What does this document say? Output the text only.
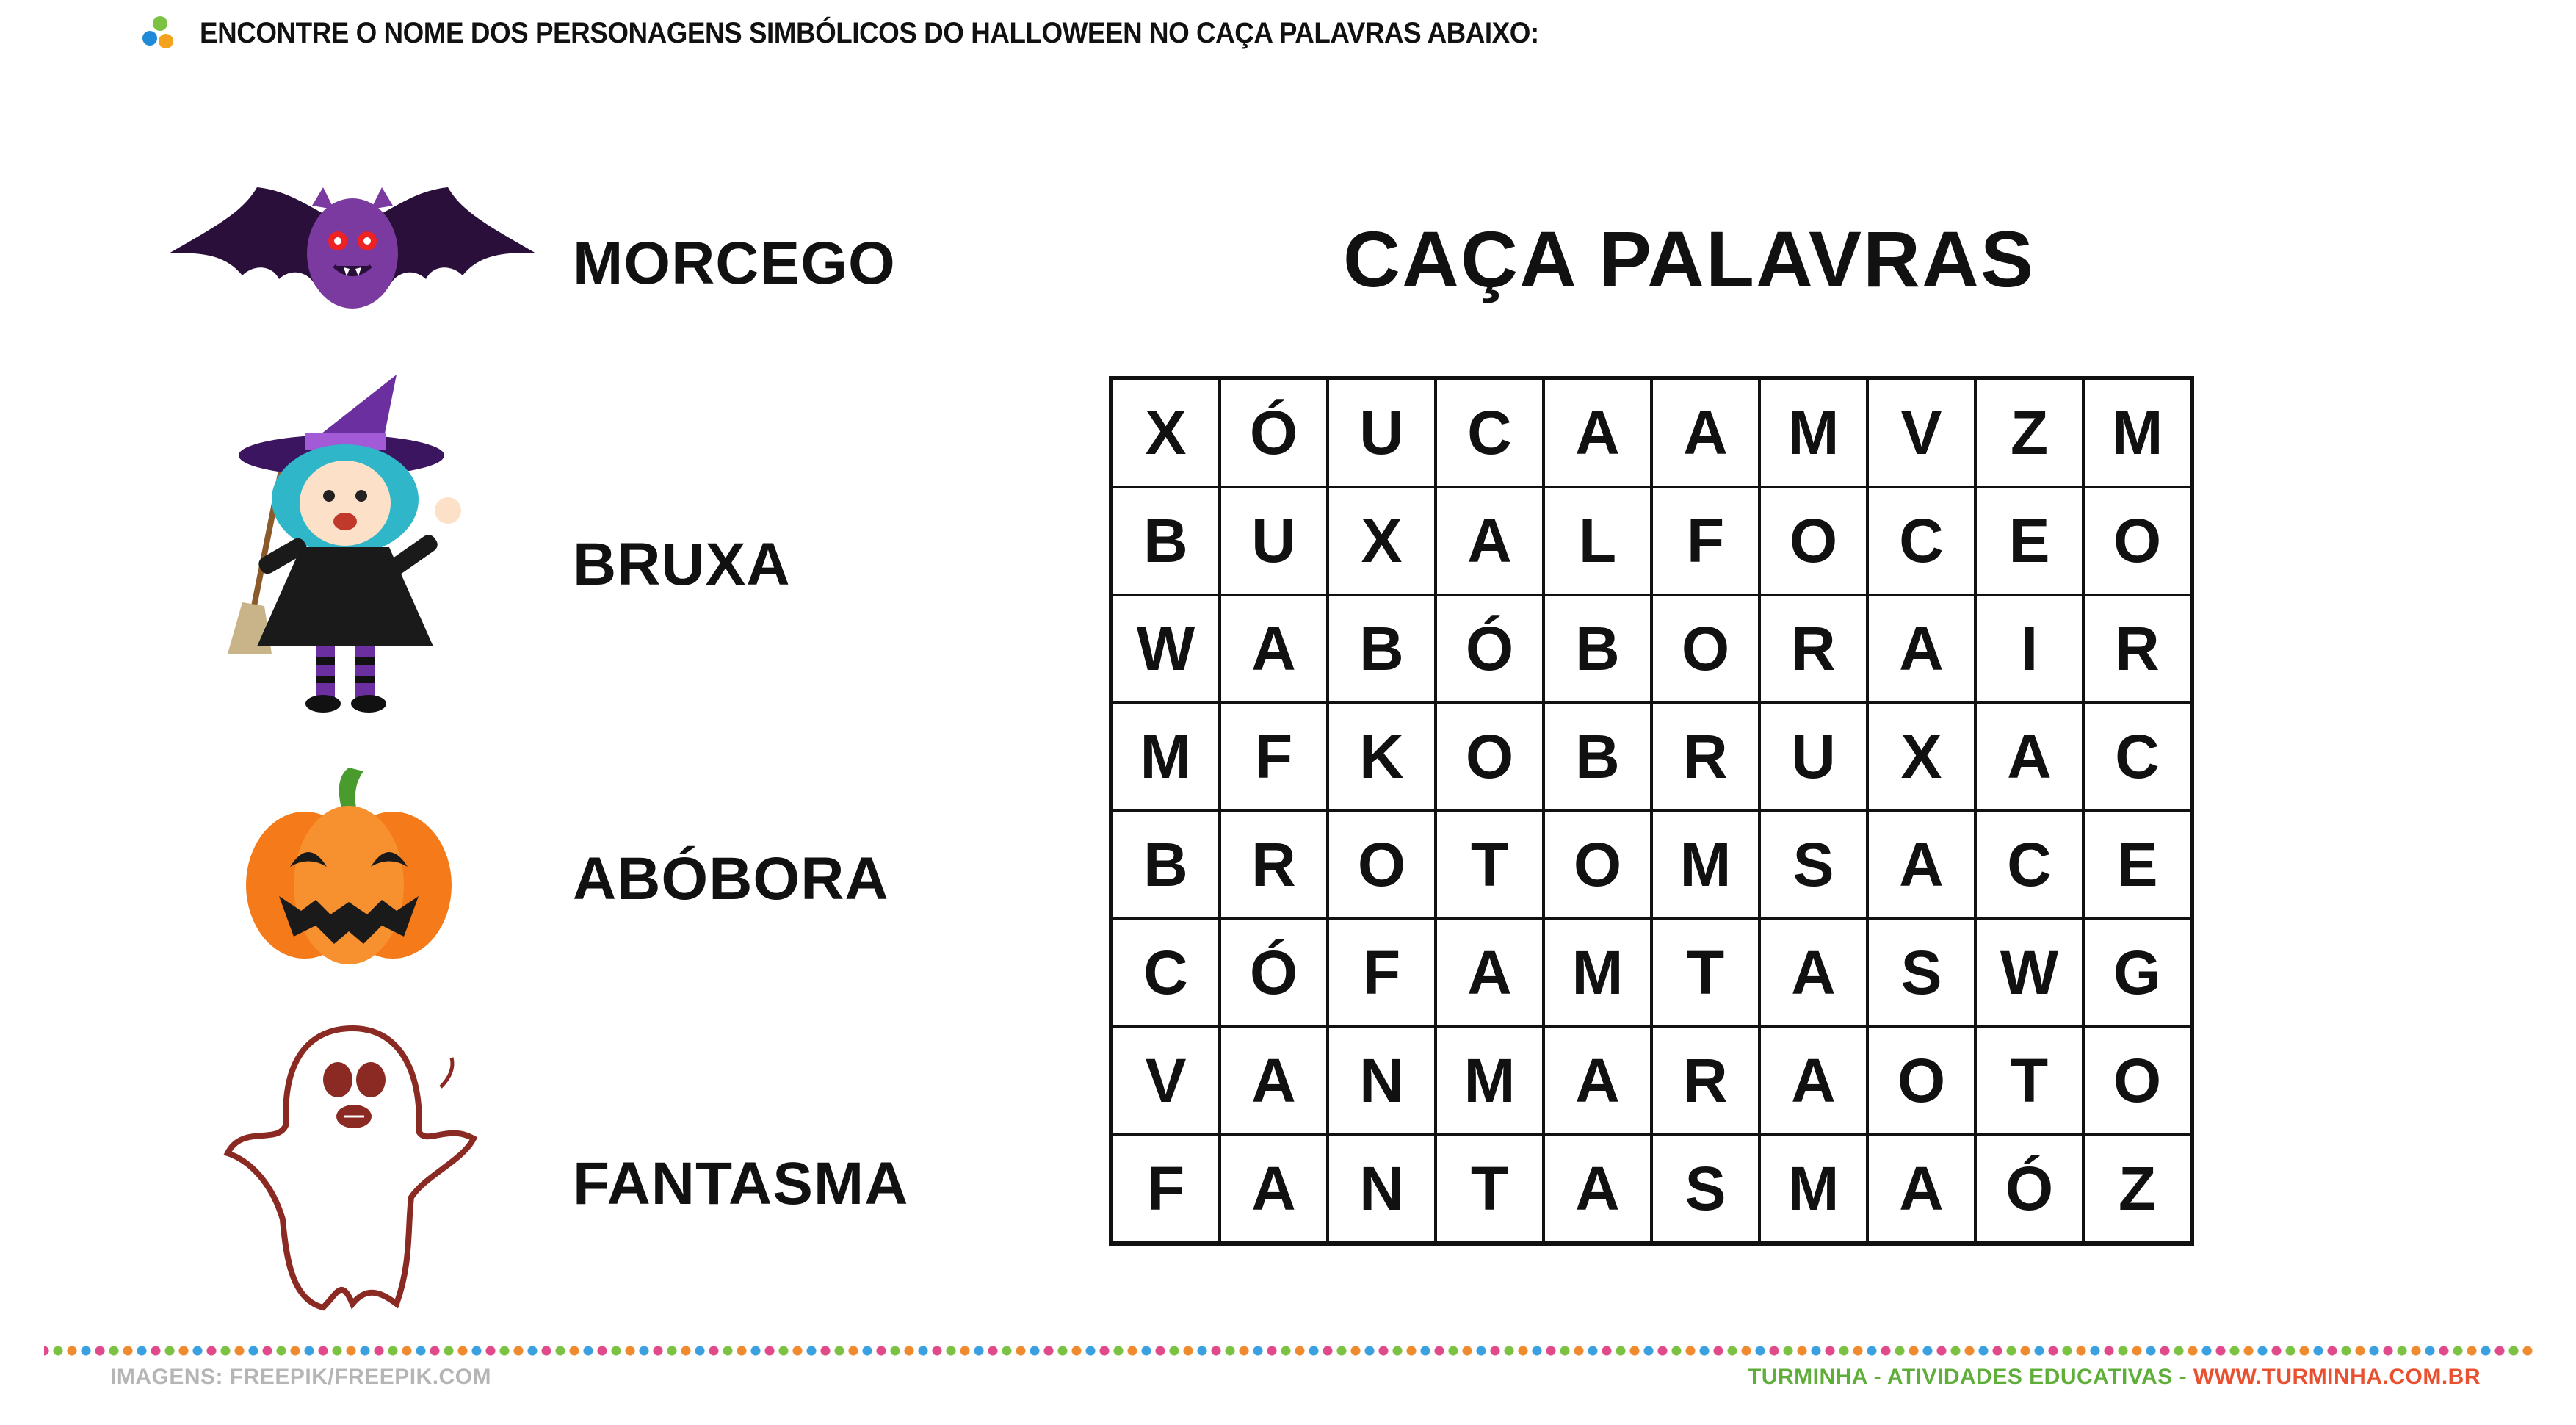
ENCONTRE O NOME DOS PERSONAGENS SIMBÓLICOS DO HALLOWEEN NO CAÇA PALAVRAS ABAIXO:
MORCEGO
BRUXA
ABÓBORA
FANTASMA
CAÇA PALAVRAS
X	Ó	U	C	A	A	M	V	Z	M
B	U	X	A	L	F	O	C	E	O
W	A	B	Ó	B	O	R	A	I	R
M	F	K	O	B	R	U	X	A	C
B	R	O	T	O	M	S	A	C	E
C	Ó	F	A	M	T	A	S	W	G
V	A	N	M	A	R	A	O	T	O
F	A	N	T	A	S	M	A	Ó	Z
IMAGENS: FREEPIK/FREEPIK.COM	TURMINHA - ATIVIDADES EDUCATIVAS - WWW.TURMINHA.COM.BR
